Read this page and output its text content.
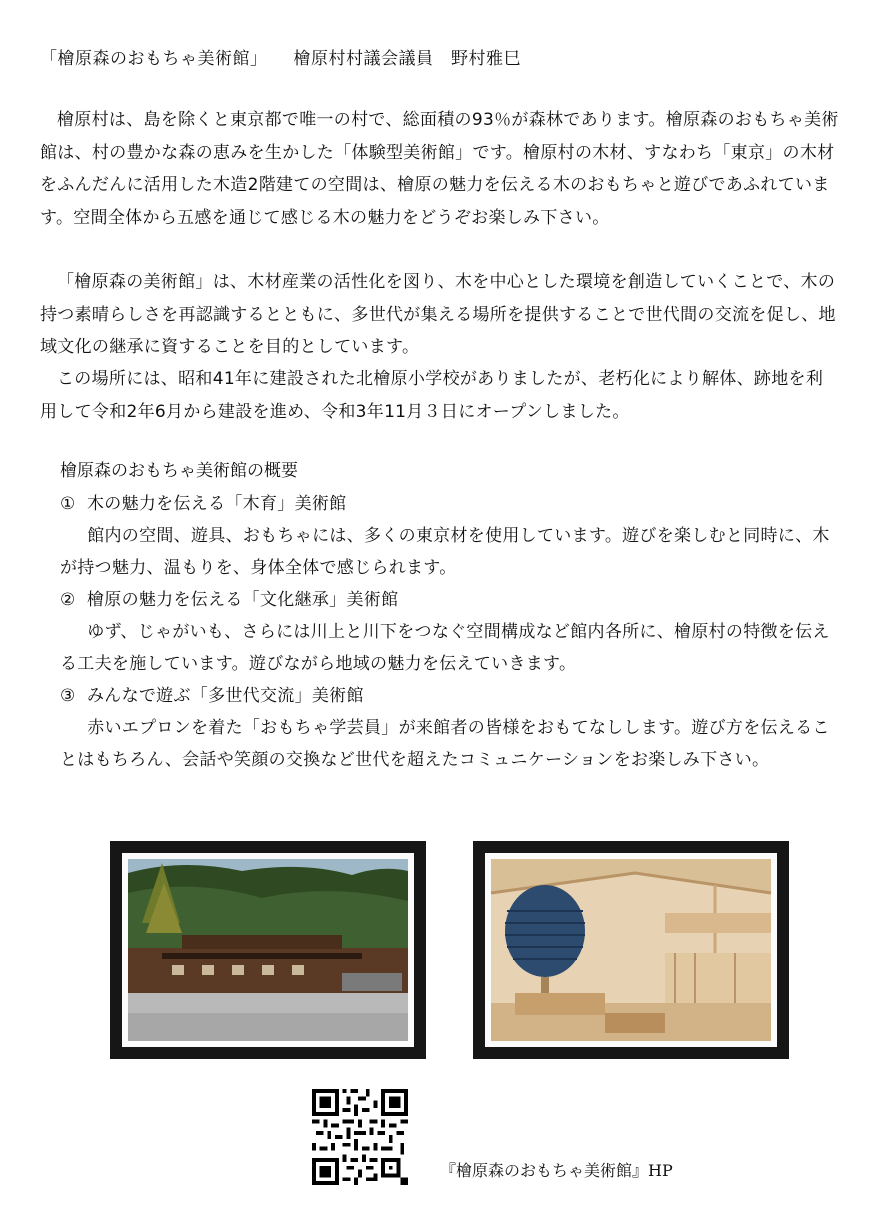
「檜原森のおもちゃ美術館」 檜原村村議会議員　野村雅巳

檜原村は、島を除くと東京都で唯一の村で、総面積の93％が森林であります。檜原森のおもちゃ美術館は、村の豊かな森の恵みを生かした「体験型美術館」です。檜原村の木材、すなわち「東京」の木材をふんだんに活用した木造2階建ての空間は、檜原の魅力を伝える木のおもちゃと遊びであふれています。空間全体から五感を通じて感じる木の魅力をどうぞお楽しみ下さい。

「檜原森の美術館」は、木材産業の活性化を図り、木を中心とした環境を創造していくことで、木の持つ素晴らしさを再認識するとともに、多世代が集える場所を提供することで世代間の交流を促し、地域文化の継承に資することを目的としています。

この場所には、昭和41年に建設された北檜原小学校がありましたが、老朽化により解体、跡地を利用して令和2年6月から建設を進め、令和3年11月３日にオープンしました。

檜原森のおもちゃ美術館の概要
① 木の魅力を伝える「木育」美術館

館内の空間、遊具、おもちゃには、多くの東京材を使用しています。遊びを楽しむと同時に、木が持つ魅力、温もりを、身体全体で感じられます。

② 檜原の魅力を伝える「文化継承」美術館

ゆず、じゃがいも、さらには川上と川下をつなぐ空間構成など館内各所に、檜原村の特徴を伝える工夫を施しています。遊びながら地域の魅力を伝えていきます。

③ みんなで遊ぶ「多世代交流」美術館

赤いエプロンを着た「おもちゃ学芸員」が来館者の皆様をおもてなしします。遊び方を伝えることはもちろん、会話や笑顔の交換など世代を超えたコミュニケーションをお楽しみ下さい。

『檜原森のおもちゃ美術館』HP
